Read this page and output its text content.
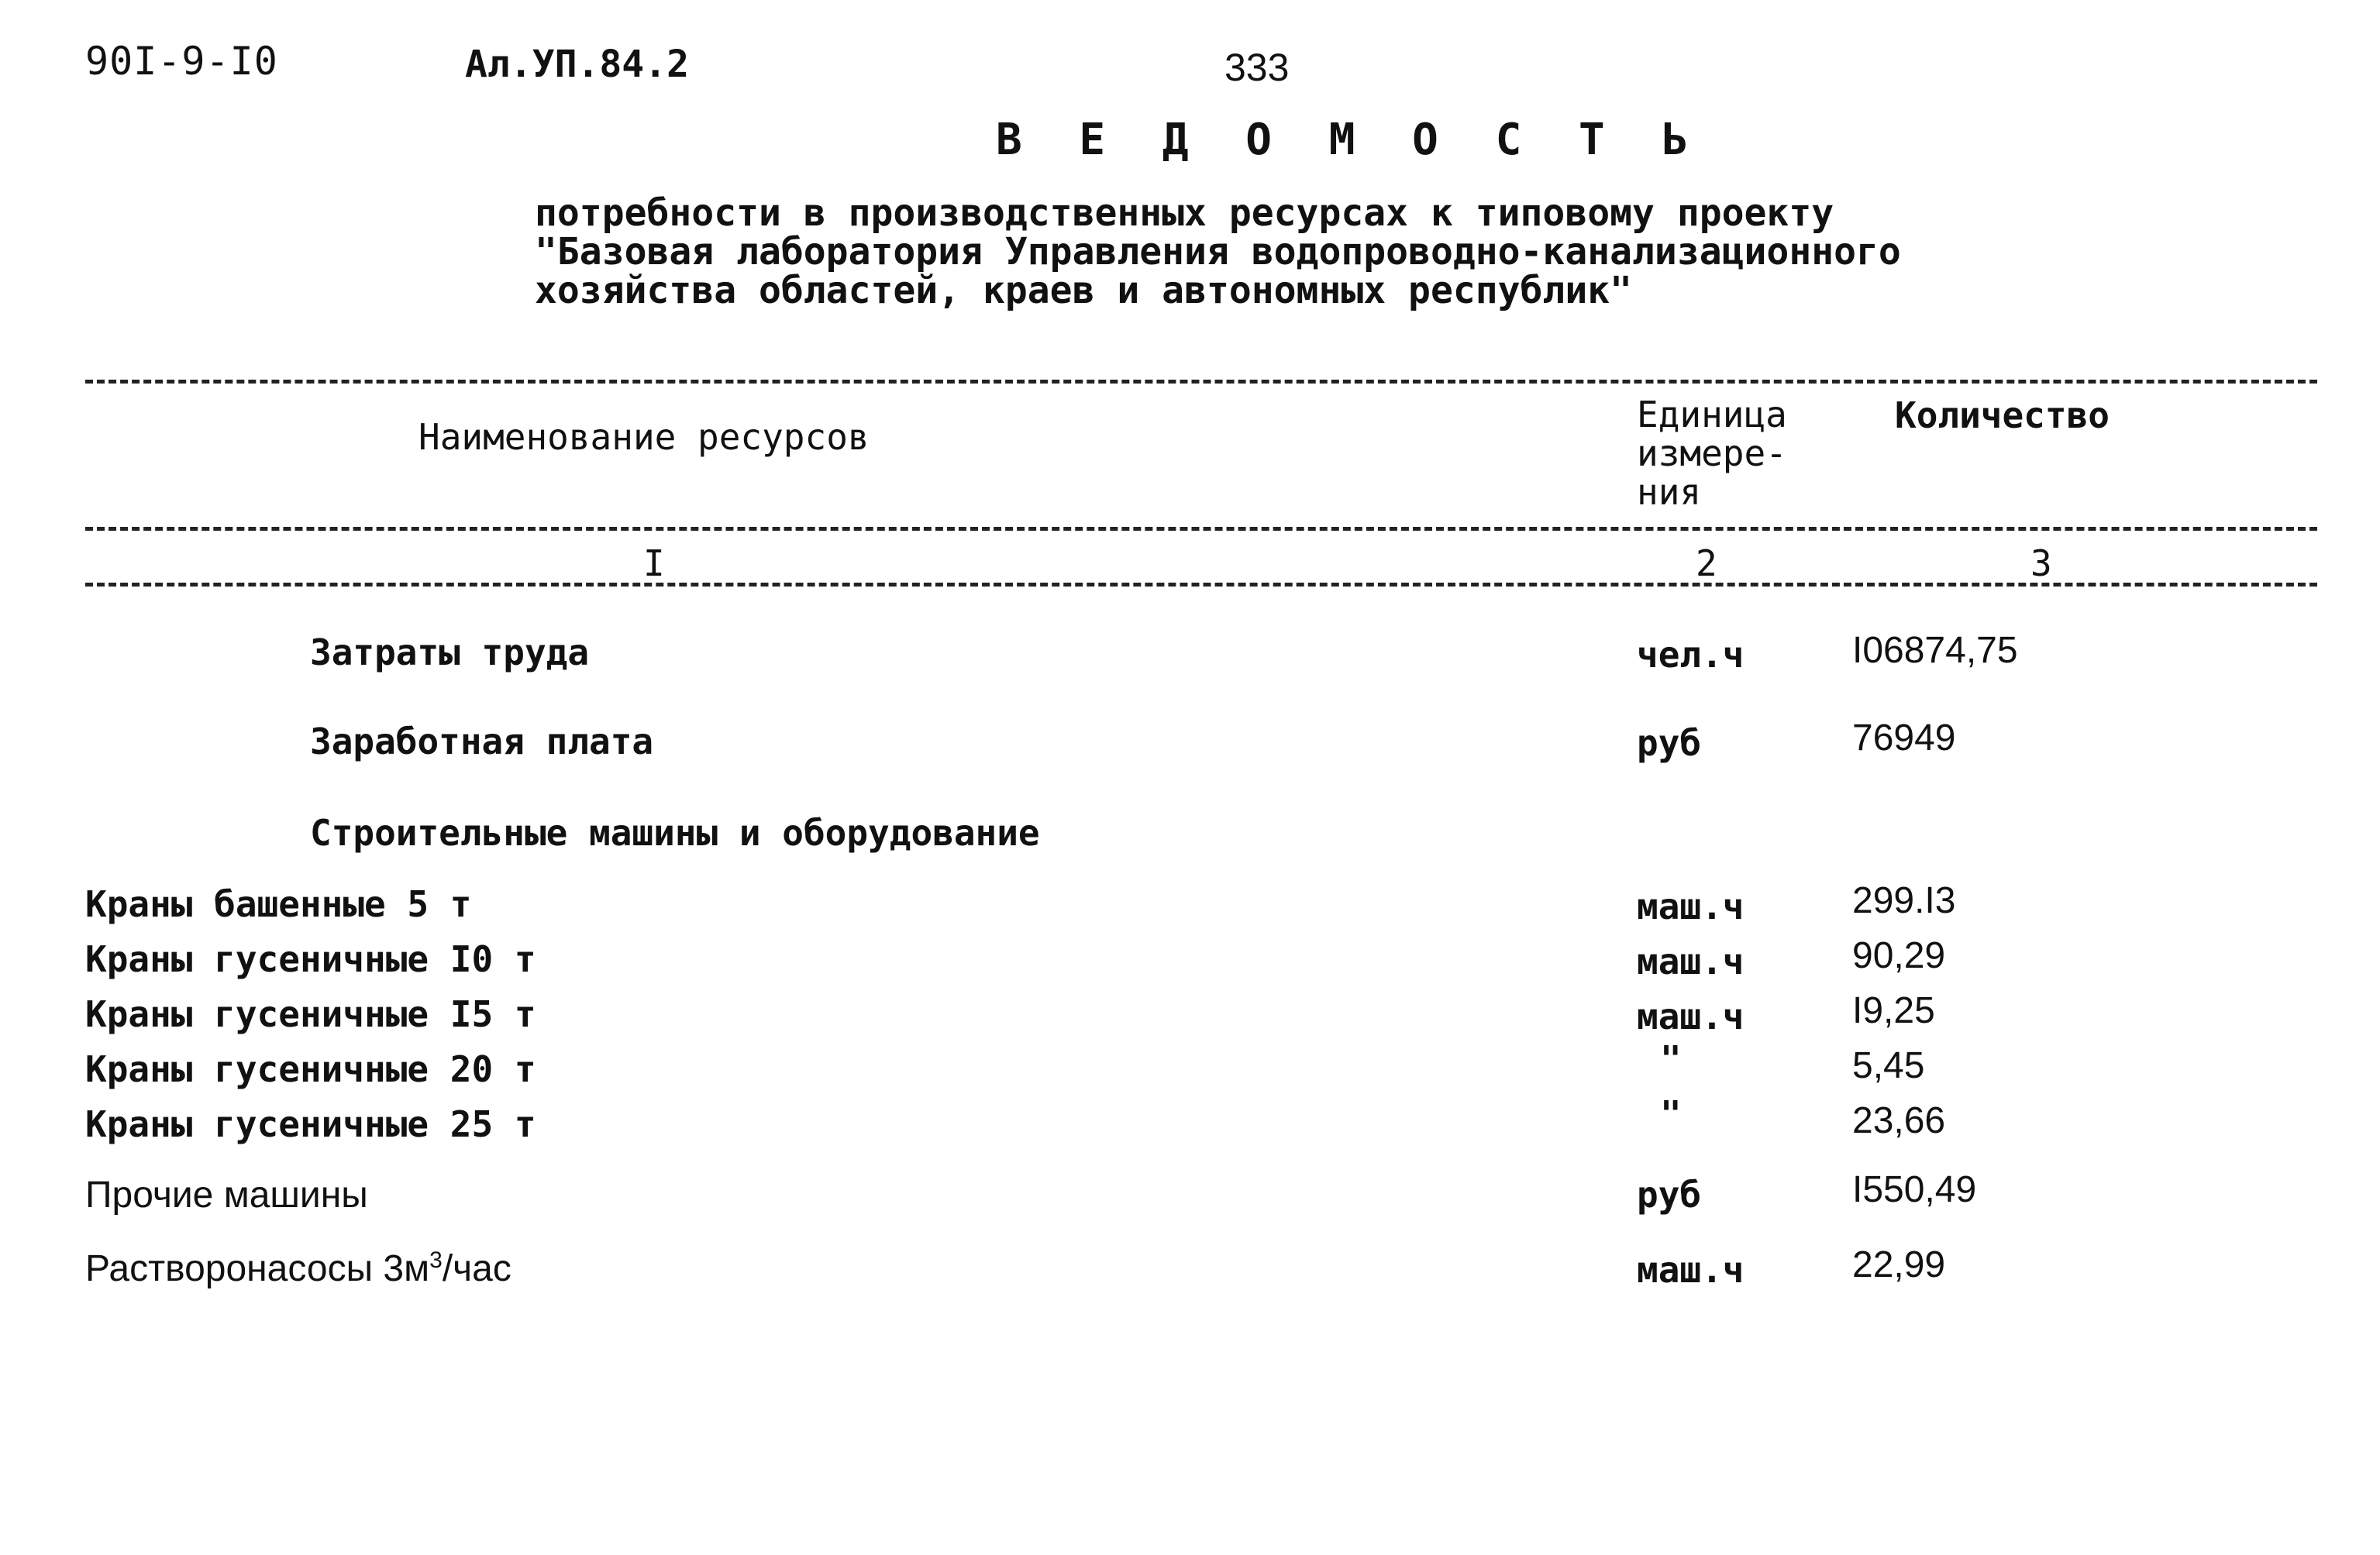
90I-9-I0	Ал.УП.84.2	333
В Е Д О М О С Т Ь
потребности в производственных ресурсах к типовому проекту
"Базовая лаборатория Управления водопроводно-канализационного
хозяйства областей, краев и автономных республик"
Наименование ресурсов
Единица
измере-
ния
Количество
I	2	3
Затраты труда	чел.ч	I06874,75
Заработная плата	руб	76949
Строительные машины и оборудование
Краны башенные 5 т	маш.ч	299.I3
Краны гусеничные I0 т	маш.ч	90,29
Краны гусеничные I5 т	маш.ч	I9,25
Краны гусеничные 20 т	"	5,45
Краны гусеничные 25 т	"	23,66
Прочие машины	руб	I550,49
Растворонасосы $3м^3$/час	маш.ч	22,99
